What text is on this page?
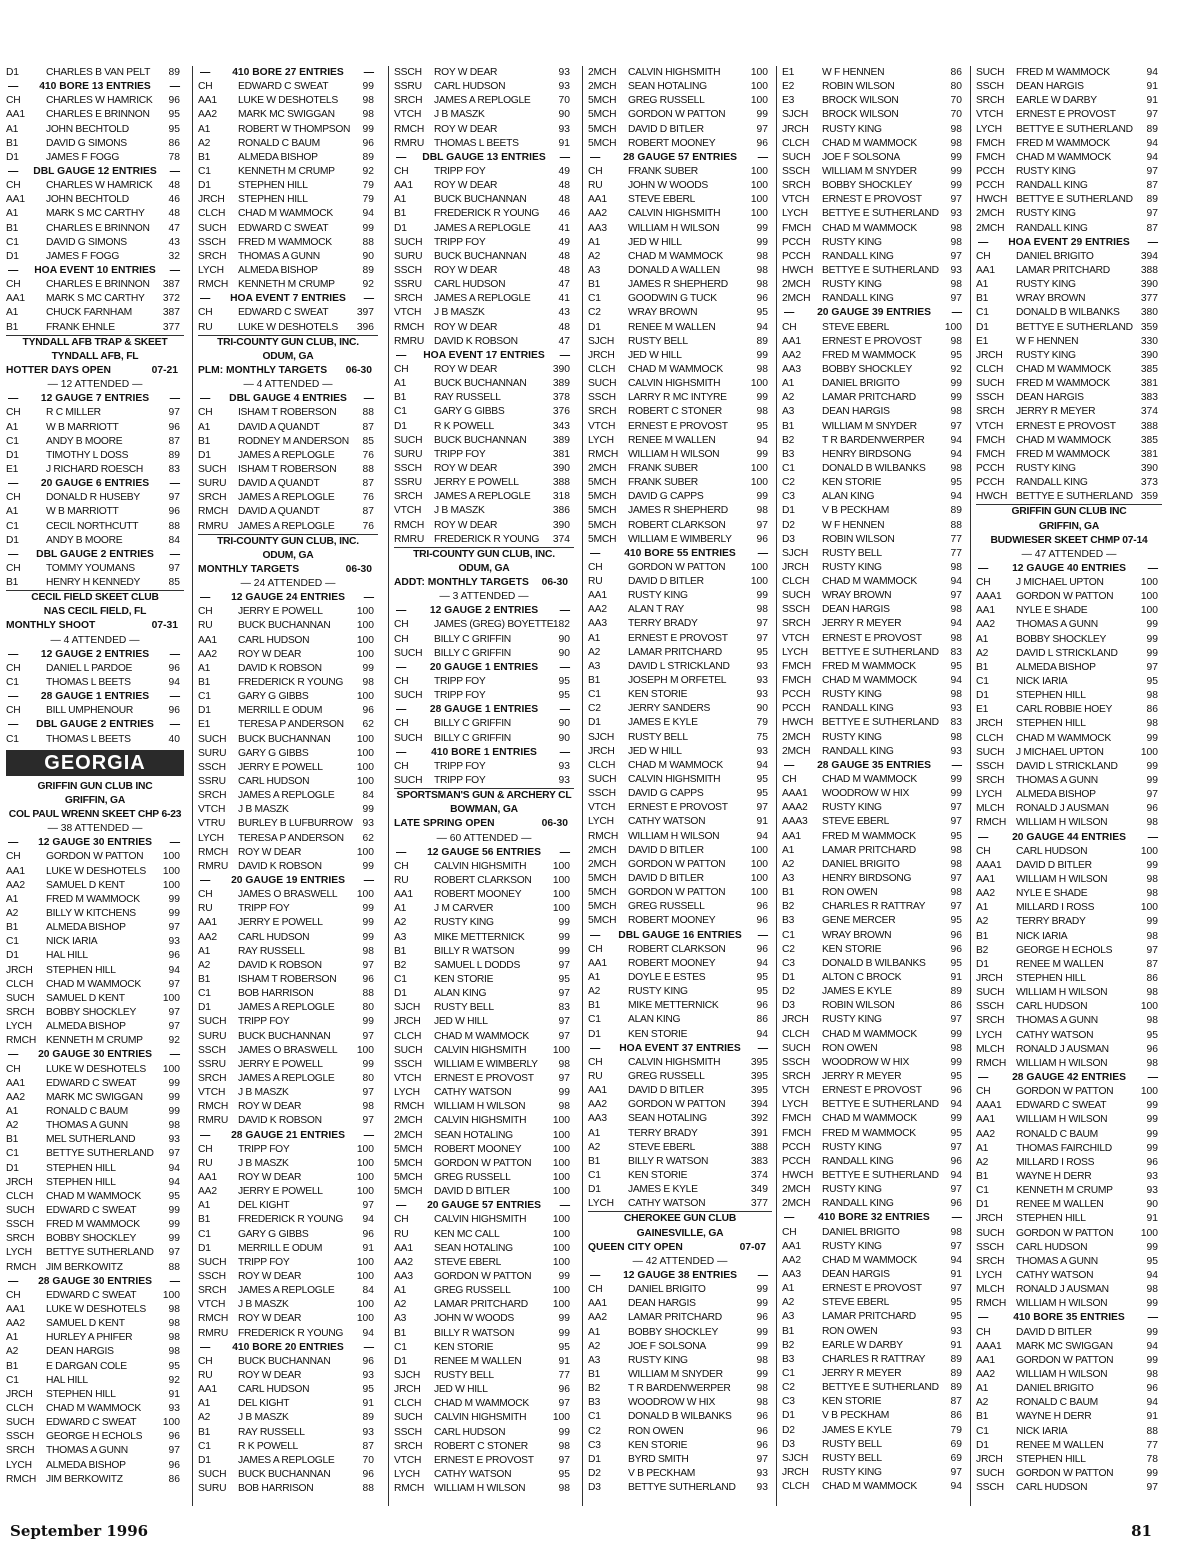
D1	CHARLES B VAN PELT 89
— 410 BORE 13 ENTRIES —
CH CHARLES W HAMRICK 96
AA1 CHARLES E BRINNON 95
A1	JOHN BECHTOLD	95
B1	DAVID G SIMONS	86
D1	JAMES F FOGG	78
— DBL GAUGE 12 ENTRIES —
CH CHARLES W HAMRICK 48
AA1 JOHN BECHTOLD	46
A1	MARK S MC CARTHY 48
B1	CHARLES E BRINNON 47
C1	DAVID G SIMONS	43
D1	JAMES F FOGG	32
— HOA EVENT 10 ENTRIES —
CH CHARLES E BRINNON 387
AA1 MARK S MC CARTHY 372
A1	CHUCK FARNHAM	387
B1	FRANK EHNLE	377
TYNDALL AFB TRAP & SKEET
TYNDALL AFB, FL
HOTTER DAYS OPEN	07-21
— 12 ATTENDED —
— 12 GAUGE 7 ENTRIES —
CH R C MILLER	97
A1	W B MARRIOTT	96
C1	ANDY B MOORE	87
D1	TIMOTHY L DOSS	89
E1	J RICHARD ROESCH 83
— 20 GAUGE 6 ENTRIES —
CH DONALD R HUSEBY	97
A1	W B MARRIOTT	96
C1	CECIL NORTHCUTT	88
D1	ANDY B MOORE	84
— DBL GAUGE 2 ENTRIES —
CH TOMMY YOUMANS	97
B1	HENRY H KENNEDY	85
CECIL FIELD SKEET CLUB
NAS CECIL FIELD, FL
MONTHLY SHOOT	07-31
— 4 ATTENDED —
— 12 GAUGE 2 ENTRIES —
CH DANIEL L PARDOE	96
C1	THOMAS L BEETS	94
— 28 GAUGE 1 ENTRIES —
CH BILL UMPHENOUR	96
— DBL GAUGE 2 ENTRIES —
C1	THOMAS L BEETS	40
GEORGIA
GRIFFIN GUN CLUB INC
GRIFFIN, GA
COL PAUL WRENN SKEET CHP 6-23
— 38 ATTENDED —
— 12 GAUGE 30 ENTRIES —
CH GORDON W PATTON 100
AA1 LUKE W DESHOTELS 100
AA2 SAMUEL D KENT	100
A1	FRED M WAMMOCK	99
A2	BILLY W KITCHENS	99
B1	ALMEDA BISHOP	97
C1	NICK IARIA	93
D1	HAL HILL	96
JRCH STEPHEN HILL	94
CLCH CHAD M WAMMOCK	97
SUCH SAMUEL D KENT	100
SRCH BOBBY SHOCKLEY	97
LYCH ALMEDA BISHOP	97
RMCH KENNETH M CRUMP	92
— 20 GAUGE 30 ENTRIES —
CH LUKE W DESHOTELS 100
AA1 EDWARD C SWEAT	99
AA2 MARK MC SWIGGAN	99
A1	RONALD C BAUM	99
A2	THOMAS A GUNN	98
B1	MEL SUTHERLAND	93
C1	BETTYE SUTHERLAND 97
D1	STEPHEN HILL	94
JRCH STEPHEN HILL	94
CLCH CHAD M WAMMOCK	95
SUCH EDWARD C SWEAT	99
SSCH FRED M WAMMOCK	99
SRCH BOBBY SHOCKLEY	99
LYCH BETTYE SUTHERLAND 97
RMCH JIM BERKOWITZ	88
— 28 GAUGE 30 ENTRIES —
CH EDWARD C SWEAT	100
AA1 LUKE W DESHOTELS 98
AA2 SAMUEL D KENT	98
A1	HURLEY A PHIFER	98
A2	DEAN HARGIS	98
B1	E DARGAN COLE	95
C1	HAL HILL	92
JRCH STEPHEN HILL	91
CLCH CHAD M WAMMOCK	93
SUCH EDWARD C SWEAT	100
SSCH GEORGE H ECHOLS	96
SRCH THOMAS A GUNN	97
LYCH ALMEDA BISHOP	96
RMCH JIM BERKOWITZ	86
— 410 BORE 27 ENTRIES —
CH EDWARD C SWEAT	99
AA1 LUKE W DESHOTELS 98
AA2 MARK MC SWIGGAN	98
A1	ROBERT W THOMPSON 99
A2	RONALD C BAUM	96
B1	ALMEDA BISHOP	89
C1	KENNETH M CRUMP	92
D1	STEPHEN HILL	79
JRCH STEPHEN HILL	79
CLCH CHAD M WAMMOCK	94
SUCH EDWARD C SWEAT	99
SSCH FRED M WAMMOCK	88
SRCH THOMAS A GUNN	90
LYCH ALMEDA BISHOP	89
RMCH KENNETH M CRUMP	92
— HOA EVENT 7 ENTRIES —
CH EDWARD C SWEAT	397
RU LUKE W DESHOTELS 396
TRI-COUNTY GUN CLUB, INC.
ODUM, GA
PLM: MONTHLY TARGETS 06-30
— 4 ATTENDED —
— DBL GAUGE 4 ENTRIES —
CH ISHAM T ROBERSON	88
A1	DAVID A QUANDT	87
B1	RODNEY M ANDERSON 85
D1	JAMES A REPLOGLE	76
SUCH ISHAM T ROBERSON	88
SURU DAVID A QUANDT	87
SRCH JAMES A REPLOGLE	76
RMCH DAVID A QUANDT	87
RMRU JAMES A REPLOGLE	76
TRI-COUNTY GUN CLUB, INC.
ODUM, GA
MONTHLY TARGETS	06-30
— 24 ATTENDED —
— 12 GAUGE 24 ENTRIES —
CH JERRY E POWELL	100
RU BUCK BUCHANNAN	100
AA1 CARL HUDSON	100
AA2 ROY W DEAR	100
A1	DAVID K ROBSON	99
B1	FREDERICK R YOUNG 98
C1	GARY G GIBBS	100
D1	MERRILL E ODUM	96
E1	TERESA P ANDERSON 62
SUCH BUCK BUCHANNAN	100
SURU GARY G GIBBS	100
SSCH JERRY E POWELL	100
SSRU CARL HUDSON	100
SRCH JAMES A REPLOGLE	84
VTCH J B MASZK	99
VTRU BURLEY B LUFBURROW 93
LYCH TERESA P ANDERSON 62
RMCH ROY W DEAR	100
RMRU DAVID K ROBSON	99
— 20 GAUGE 19 ENTRIES —
CH JAMES O BRASWELL 100
RU TRIPP FOY	99
AA1 JERRY E POWELL	99
AA2 CARL HUDSON	99
A1	RAY RUSSELL	98
A2	DAVID K ROBSON	97
B1	ISHAM T ROBERSON	96
C1	BOB HARRISON	88
D1	JAMES A REPLOGLE	80
SUCH TRIPP FOY	99
SURU BUCK BUCHANNAN	97
SSCH JAMES O BRASWELL 100
SSRU JERRY E POWELL	99
SRCH JAMES A REPLOGLE	80
VTCH J B MASZK	97
RMCH ROY W DEAR	98
RMRU DAVID K ROBSON	97
— 28 GAUGE 21 ENTRIES —
CH TRIPP FOY	100
RU J B MASZK	100
AA1 ROY W DEAR	100
AA2 JERRY E POWELL	100
A1	DEL KIGHT	97
B1	FREDERICK R YOUNG 94
C1	GARY G GIBBS	96
D1	MERRILL E ODUM	91
SUCH TRIPP FOY	100
SSCH ROY W DEAR	100
SRCH JAMES A REPLOGLE	84
VTCH J B MASZK	100
RMCH ROY W DEAR	100
RMRU FREDERICK R YOUNG 94
— 410 BORE 20 ENTRIES —
CH BUCK BUCHANNAN	96
RU ROY W DEAR	93
AA1 CARL HUDSON	95
A1	DEL KIGHT	91
A2	J B MASZK	89
B1	RAY RUSSELL	93
C1	R K POWELL	87
D1	JAMES A REPLOGLE	70
SUCH BUCK BUCHANNAN	96
SURU BOB HARRISON	88
SSCH ROY W DEAR	93
SSRU CARL HUDSON	93
SRCH JAMES A REPLOGLE	70
VTCH J B MASZK	90
RMCH ROY W DEAR	93
RMRU THOMAS L BEETS	91
— DBL GAUGE 13 ENTRIES —
CH TRIPP FOY	49
AA1 ROY W DEAR	48
A1	BUCK BUCHANNAN	48
B1	FREDERICK R YOUNG 46
D1	JAMES A REPLOGLE	41
SUCH TRIPP FOY	49
SURU BUCK BUCHANNAN	48
SSCH ROY W DEAR	48
SSRU CARL HUDSON	47
SRCH JAMES A REPLOGLE	41
VTCH J B MASZK	43
RMCH ROY W DEAR	48
RMRU DAVID K ROBSON	47
— HOA EVENT 17 ENTRIES —
CH ROY W DEAR	390
A1	BUCK BUCHANNAN	389
B1	RAY RUSSELL	378
C1	GARY G GIBBS	376
D1	R K POWELL	343
SUCH BUCK BUCHANNAN	389
SURU TRIPP FOY	381
SSCH ROY W DEAR	390
SSRU JERRY E POWELL	388
SRCH JAMES A REPLOGLE 318
VTCH J B MASZK	386
RMCH ROY W DEAR	390
RMRU FREDERICK R YOUNG 374
TRI-COUNTY GUN CLUB, INC.
ODUM, GA
ADDT: MONTHLY TARGETS 06-30
— 3 ATTENDED —
— 12 GAUGE 2 ENTRIES —
CH JAMES (GREG) BOYETTE 182
CH BILLY C GRIFFIN	90
SUCH BILLY C GRIFFIN	90
— 20 GAUGE 1 ENTRIES —
CH TRIPP FOY	95
SUCH TRIPP FOY	95
— 28 GAUGE 1 ENTRIES —
CH BILLY C GRIFFIN	90
SUCH BILLY C GRIFFIN	90
— 410 BORE 1 ENTRIES —
CH TRIPP FOY	93
SUCH TRIPP FOY	93
SPORTSMAN'S GUN & ARCHERY CL
BOWMAN, GA
LATE SPRING OPEN	06-30
— 60 ATTENDED —
— 12 GAUGE 56 ENTRIES —
CH CALVIN HIGHSMITH	100
RU ROBERT CLARKSON 100
AA1 ROBERT MOONEY	100
A1	J M CARVER	100
A2	RUSTY KING	99
A3	MIKE METTERNICK	99
B1	BILLY R WATSON	99
B2	SAMUEL L DODDS	97
C1	KEN STORIE	95
D1	ALAN KING	97
SJCH RUSTY BELL	83
JRCH JED W HILL	97
CLCH CHAD M WAMMOCK	97
SUCH CALVIN HIGHSMITH	100
SSCH WILLIAM E WIMBERLY 98
VTCH ERNEST E PROVOST 97
LYCH CATHY WATSON	99
RMCH WILLIAM H WILSON	98
2MCH CALVIN HIGHSMITH	100
2MCH SEAN HOTALING	100
5MCH ROBERT MOONEY	100
5MCH GORDON W PATTON 100
5MCH GREG RUSSELL	100
5MCH DAVID D BITLER	100
— 20 GAUGE 57 ENTRIES —
CH CALVIN HIGHSMITH	100
RU KEN MC CALL	100
AA1 SEAN HOTALING	100
AA2 STEVE EBERL	100
AA3 GORDON W PATTON	99
A1	GREG RUSSELL	100
A2	LAMAR PRITCHARD 100
A3	JOHN W WOODS	99
B1	BILLY R WATSON	99
C1	KEN STORIE	95
D1	RENEE M WALLEN	91
SJCH RUSTY BELL	77
JRCH JED W HILL	96
CLCH CHAD M WAMMOCK	97
SUCH CALVIN HIGHSMITH	100
SSCH CARL HUDSON	99
SRCH ROBERT C STONER	98
VTCH ERNEST E PROVOST 97
LYCH CATHY WATSON	95
RMCH WILLIAM H WILSON	98
2MCH CALVIN HIGHSMITH	100
2MCH SEAN HOTALING	100
5MCH GREG RUSSELL	100
5MCH GORDON W PATTON	99
5MCH DAVID D BITLER	97
5MCH ROBERT MOONEY	96
— 28 GAUGE 57 ENTRIES —
CH FRANK SUBER	100
RU JOHN W WOODS	100
AA1 STEVE EBERL	100
AA2 CALVIN HIGHSMITH	100
AA3 WILLIAM H WILSON	99
A1	JED W HILL	99
A2	CHAD M WAMMOCK	98
A3	DONALD A WALLEN	98
B1	JAMES R SHEPHERD	98
C1	GOODWIN G TUCK	96
C2	WRAY BROWN	95
D1	RENEE M WALLEN	94
SJCH RUSTY BELL	89
JRCH JED W HILL	99
CLCH CHAD M WAMMOCK	98
SUCH CALVIN HIGHSMITH	100
SSCH LARRY R MC INTYRE	99
SRCH ROBERT C STONER	98
VTCH ERNEST E PROVOST	95
LYCH RENEE M WALLEN	94
RMCH WILLIAM H WILSON	99
2MCH FRANK SUBER	100
5MCH FRANK SUBER	100
5MCH DAVID G CAPPS	99
5MCH JAMES R SHEPHERD	98
5MCH ROBERT CLARKSON	97
5MCH WILLIAM E WIMBERLY 96
— 410 BORE 55 ENTRIES —
CH GORDON W PATTON 100
RU DAVID D BITLER	100
AA1 RUSTY KING	99
AA2 ALAN T RAY	98
AA3 TERRY BRADY	97
A1	ERNEST E PROVOST	97
A2	LAMAR PRITCHARD	95
A3	DAVID L STRICKLAND	93
B1	JOSEPH M ORFETEL	93
C1	KEN STORIE	93
C2	JERRY SANDERS	90
D1	JAMES E KYLE	79
SJCH RUSTY BELL	75
JRCH JED W HILL	93
CLCH CHAD M WAMMOCK	94
SUCH CALVIN HIGHSMITH	95
SSCH DAVID G CAPPS	95
VTCH ERNEST E PROVOST	97
LYCH CATHY WATSON	91
RMCH WILLIAM H WILSON	94
2MCH DAVID D BITLER	100
2MCH GORDON W PATTON 100
5MCH DAVID D BITLER	100
5MCH GORDON W PATTON 100
5MCH GREG RUSSELL	96
5MCH ROBERT MOONEY	96
— DBL GAUGE 16 ENTRIES —
CH ROBERT CLARKSON	96
AA1 ROBERT MOONEY	94
A1	DOYLE E ESTES	95
A2	RUSTY KING	95
B1	MIKE METTERNICK	96
C1	ALAN KING	86
D1	KEN STORIE	94
— HOA EVENT 37 ENTRIES —
CH CALVIN HIGHSMITH	395
RU GREG RUSSELL	395
AA1 DAVID D BITLER	395
AA2 GORDON W PATTON 394
AA3 SEAN HOTALING	392
A1	TERRY BRADY	391
A2	STEVE EBERL	388
B1	BILLY R WATSON	383
C1	KEN STORIE	374
D1	JAMES E KYLE	349
LYCH CATHY WATSON	377
CHEROKEE GUN CLUB
GAINESVILLE, GA
QUEEN CITY OPEN	07-07
— 42 ATTENDED —
— 12 GAUGE 38 ENTRIES —
CH DANIEL BRIGITO	99
AA1 DEAN HARGIS	99
AA2 LAMAR PRITCHARD	96
A1	BOBBY SHOCKLEY	99
A2	JOE F SOLSONA	99
A3	RUSTY KING	98
B1	WILLIAM M SNYDER	99
B2	T R BARDENWERPER	98
B3	WOODROW W HIX	98
C1	DONALD B WILBANKS 96
C2	RON OWEN	96
C3	KEN STORIE	96
D1	BYRD SMITH	97
D2	V B PECKHAM	93
D3	BETTYE SUTHERLAND 93
E1	W F HENNEN	86
E2	ROBIN WILSON	80
E3	BROCK WILSON	70
SJCH BROCK WILSON	70
JRCH RUSTY KING	98
CLCH CHAD M WAMMOCK	98
SUCH JOE F SOLSONA	99
SSCH WILLIAM M SNYDER	99
SRCH BOBBY SHOCKLEY	99
VTCH ERNEST E PROVOST	97
LYCH BETTYE E SUTHERLAND 93
FMCH CHAD M WAMMOCK	98
PCCH RUSTY KING	98
PCCH RANDALL KING	97
HWCH BETTYE E SUTHERLAND 93
2MCH RUSTY KING	98
2MCH RANDALL KING	97
— 20 GAUGE 39 ENTRIES —
CH STEVE EBERL	100
AA1 ERNEST E PROVOST	98
AA2 FRED M WAMMOCK	95
AA3 BOBBY SHOCKLEY	92
A1	DANIEL BRIGITO	99
A2	LAMAR PRITCHARD	99
A3	DEAN HARGIS	98
B1	WILLIAM M SNYDER	97
B2	T R BARDENWERPER	94
B3	HENRY BIRDSONG	94
C1	DONALD B WILBANKS 98
C2	KEN STORIE	95
C3	ALAN KING	94
D1	V B PECKHAM	89
D2	W F HENNEN	88
D3	ROBIN WILSON	77
SJCH RUSTY BELL	77
JRCH RUSTY KING	98
CLCH CHAD M WAMMOCK	94
SUCH WRAY BROWN	97
SSCH DEAN HARGIS	98
SRCH JERRY R MEYER	94
VTCH ERNEST E PROVOST	98
LYCH BETTYE E SUTHERLAND 83
FMCH FRED M WAMMOCK	95
FMCH CHAD M WAMMOCK	94
PCCH RUSTY KING	98
PCCH RANDALL KING	93
HWCH BETTYE E SUTHERLAND 83
2MCH RUSTY KING	98
2MCH RANDALL KING	93
— 28 GAUGE 35 ENTRIES —
CH CHAD M WAMMOCK	99
AAA1 WOODROW W HIX	99
AAA2 RUSTY KING	97
AAA3 STEVE EBERL	97
AA1 FRED M WAMMOCK	95
A1	LAMAR PRITCHARD	98
A2	DANIEL BRIGITO	98
A3	HENRY BIRDSONG	97
B1	RON OWEN	98
B2	CHARLES R RATTRAY 97
B3	GENE MERCER	95
C1	WRAY BROWN	96
C2	KEN STORIE	96
C3	DONALD B WILBANKS 95
D1	ALTON C BROCK	91
D2	JAMES E KYLE	89
D3	ROBIN WILSON	86
JRCH RUSTY KING	97
CLCH CHAD M WAMMOCK	99
SUCH RON OWEN	98
SSCH WOODROW W HIX	99
SRCH JERRY R MEYER	95
VTCH ERNEST E PROVOST	96
LYCH BETTYE E SUTHERLAND 94
FMCH CHAD M WAMMOCK	99
FMCH FRED M WAMMOCK	95
PCCH RUSTY KING	97
PCCH RANDALL KING	96
HWCH BETTYE E SUTHERLAND 94
2MCH RUSTY KING	97
2MCH RANDALL KING	96
— 410 BORE 32 ENTRIES —
CH DANIEL BRIGITO	98
AA1 RUSTY KING	97
AA2 CHAD M WAMMOCK	94
AA3 DEAN HARGIS	91
A1	ERNEST E PROVOST	97
A2	STEVE EBERL	95
A3	LAMAR PRITCHARD	95
B1	RON OWEN	93
B2	EARLE W DARBY	91
B3	CHARLES R RATTRAY 89
C1	JERRY R MEYER	89
C2	BETTYE E SUTHERLAND 89
C3	KEN STORIE	87
D1	V B PECKHAM	86
D2	JAMES E KYLE	79
D3	RUSTY BELL	69
SJCH RUSTY BELL	69
JRCH RUSTY KING	97
CLCH CHAD M WAMMOCK	94
SUCH FRED M WAMMOCK	94
SSCH DEAN HARGIS	91
SRCH EARLE W DARBY	91
VTCH ERNEST E PROVOST	97
LYCH BETTYE E SUTHERLAND 89
FMCH FRED M WAMMOCK	94
FMCH CHAD M WAMMOCK	94
PCCH RUSTY KING	97
PCCH RANDALL KING	87
HWCH BETTYE E SUTHERLAND 89
2MCH RUSTY KING	97
2MCH RANDALL KING	87
— HOA EVENT 29 ENTRIES —
CH DANIEL BRIGITO	394
AA1 LAMAR PRITCHARD	388
A1	RUSTY KING	390
B1	WRAY BROWN	377
C1	DONALD B WILBANKS 380
D1	BETTYE E SUTHERLAND 359
E1	W F HENNEN	330
JRCH RUSTY KING	390
CLCH CHAD M WAMMOCK	385
SUCH FRED M WAMMOCK	381
SSCH DEAN HARGIS	383
SRCH JERRY R MEYER	374
VTCH ERNEST E PROVOST 388
FMCH CHAD M WAMMOCK	385
FMCH FRED M WAMMOCK	381
PCCH RUSTY KING	390
PCCH RANDALL KING	373
HWCH BETTYE E SUTHERLAND 359
GRIFFIN GUN CLUB INC
GRIFFIN, GA
BUDWIESER SKEET CHMP 07-14
— 47 ATTENDED —
— 12 GAUGE 40 ENTRIES —
CH J MICHAEL UPTON	100
AAA1 GORDON W PATTON	100
AA1 NYLE E SHADE	100
AA2 THOMAS A GUNN	99
A1	BOBBY SHOCKLEY	99
A2	DAVID L STRICKLAND	99
B1	ALMEDA BISHOP	97
C1	NICK IARIA	95
D1	STEPHEN HILL	98
E1	CARL ROBBIE HOEY	86
JRCH STEPHEN HILL	98
CLCH CHAD M WAMMOCK	99
SUCH J MICHAEL UPTON	100
SSCH DAVID L STRICKLAND	99
SRCH THOMAS A GUNN	99
LYCH ALMEDA BISHOP	97
MLCH RONALD J AUSMAN	96
RMCH WILLIAM H WILSON	98
— 20 GAUGE 44 ENTRIES —
CH CARL HUDSON	100
AAA1 DAVID D BITLER	99
AA1 WILLIAM H WILSON	98
AA2 NYLE E SHADE	98
A1	MILLARD I ROSS	100
A2	TERRY BRADY	99
B1	NICK IARIA	98
B2	GEORGE H ECHOLS	97
D1	RENEE M WALLEN	87
JRCH STEPHEN HILL	86
SUCH WILLIAM H WILSON	98
SSCH CARL HUDSON	100
SRCH THOMAS A GUNN	98
LYCH CATHY WATSON	95
MLCH RONALD J AUSMAN	96
RMCH WILLIAM H WILSON	98
— 28 GAUGE 42 ENTRIES —
CH GORDON W PATTON	100
AAA1 EDWARD C SWEAT	99
AA1 WILLIAM H WILSON	99
AA2 RONALD C BAUM	99
A1	THOMAS FAIRCHILD	99
A2	MILLARD I ROSS	96
B1	WAYNE H DERR	93
C1	KENNETH M CRUMP	93
D1	RENEE M WALLEN	90
JRCH STEPHEN HILL	91
SUCH GORDON W PATTON	100
SSCH CARL HUDSON	99
SRCH THOMAS A GUNN	95
LYCH CATHY WATSON	94
MLCH RONALD J AUSMAN	98
RMCH WILLIAM H WILSON	99
— 410 BORE 35 ENTRIES —
CH DAVID D BITLER	99
AAA1 MARK MC SWIGGAN	94
AA1 GORDON W PATTON	99
AA2 WILLIAM H WILSON	98
A1	DANIEL BRIGITO	96
A2	RONALD C BAUM	94
B1	WAYNE H DERR	91
C1	NICK IARIA	88
D1	RENEE M WALLEN	77
JRCH STEPHEN HILL	78
SUCH GORDON W PATTON	99
SSCH CARL HUDSON	97
September 1996	81
